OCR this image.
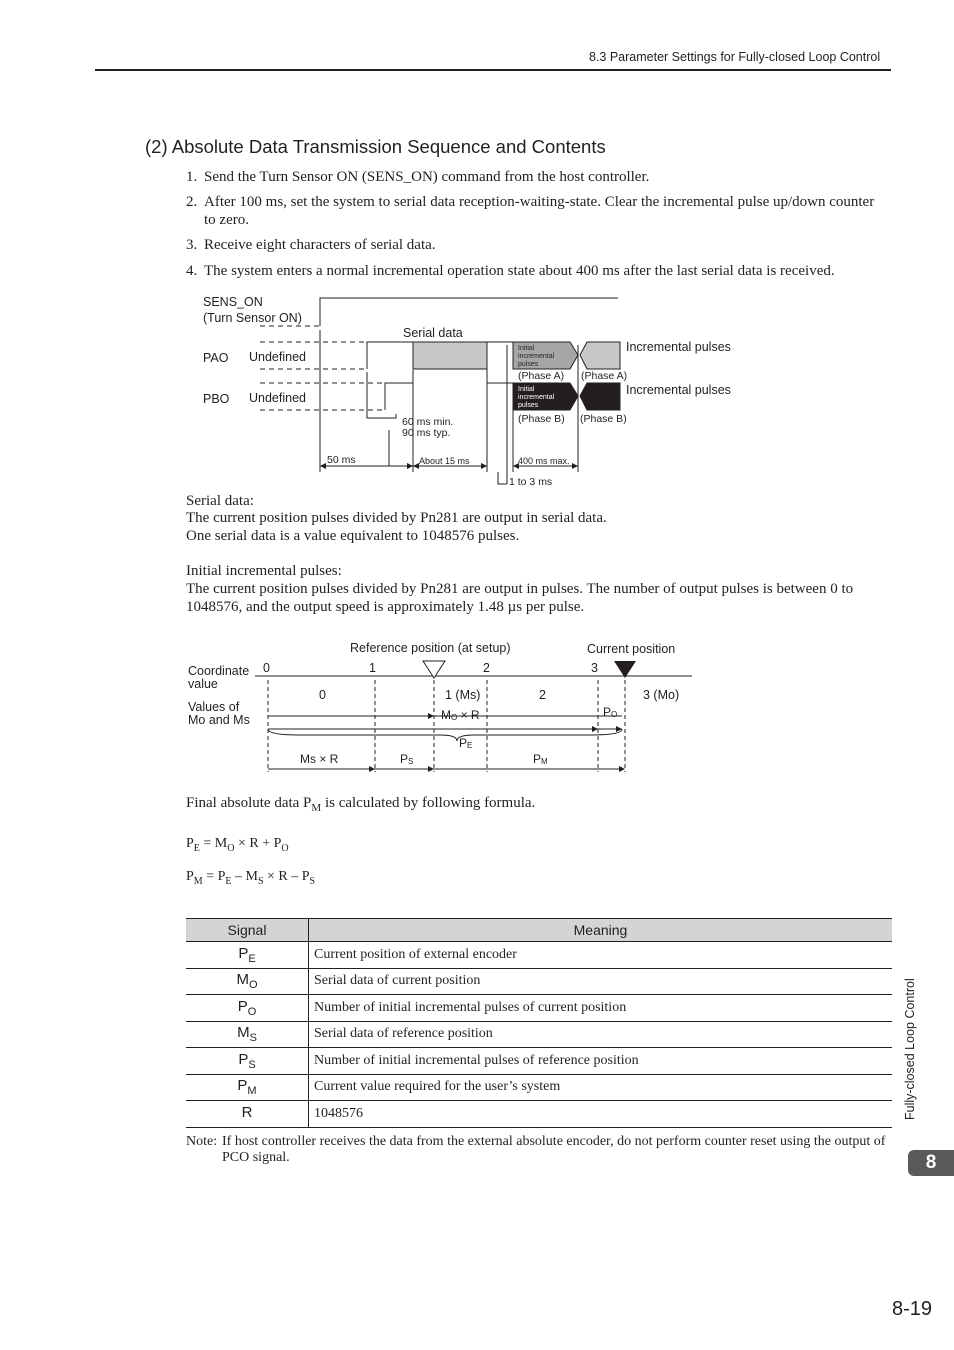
8.3 Parameter Settings for Fully-closed Loop Control
(2) Absolute Data Transmission Sequence and Contents
1. Send the Turn Sensor ON (SENS_ON) command from the host controller.
2. After 100 ms, set the system to serial data reception-waiting-state. Clear the incremental pulse up/down counter to zero.
3. Receive eight characters of serial data.
4. The system enters a normal incremental operation state about 400 ms after the last serial data is received.
SENS_ON
(Turn Sensor ON)
Serial data
PAO Undefined
PBO Undefined
Initial
incremental
pulses
Initial
incremental
pulses
Incremental pulses
Incremental pulses
(Phase A) (Phase A)
(Phase B) (Phase B)
60 ms min.
90 ms typ.
50 ms	About 15 ms	400 ms max.
1 to 3 ms
Serial data:
The current position pulses divided by Pn281 are output in serial data.
One serial data is a value equivalent to 1048576 pulses.
Initial incremental pulses:
The current position pulses divided by Pn281 are output in pulses. The number of output pulses is between 0 to 1048576, and the output speed is approximately 1.48 µs per pulse.
Reference position (at setup)	Current position
Coordinate
value
0	1	2	3
Values of
Mo and Ms
0	1 (Ms)	2	3 (Mo)
MO × R	PO
PE
Ms × R	PS	PM
Final absolute data $P_M$ is calculated by following formula.
$P_E = M_O \times R + P_O$
$P_M = P_E - M_S \times R - P_S$
Signal	Meaning
$P_E$	Current position of external encoder
$M_O$	Serial data of current position
$P_O$	Number of initial incremental pulses of current position
$M_S$	Serial data of reference position
$P_S$	Number of initial incremental pulses of reference position
$P_M$	Current value required for the user’s system
R	1048576
Note: If host controller receives the data from the external absolute encoder, do not perform counter reset using the output of PCO signal.
Fully-closed Loop Control
8
8-19
